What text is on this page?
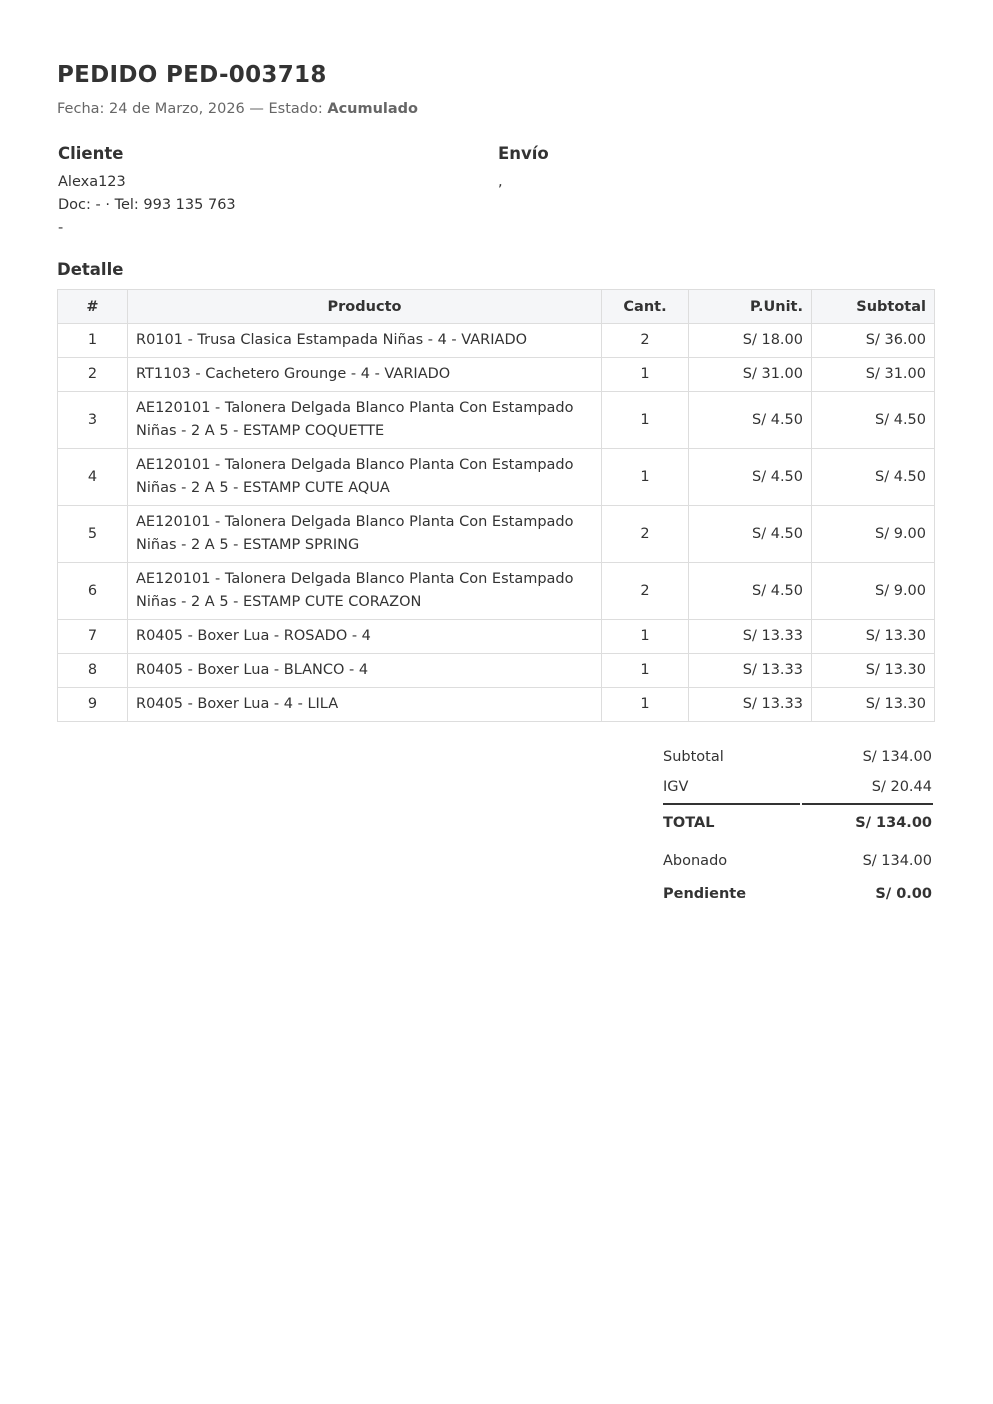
PEDIDO PED-003718
Fecha: 24 de Marzo, 2026 — Estado: Acumulado
Cliente
Alexa123
Doc: - · Tel: 993 135 763
-
Envío
,
Detalle
#	Producto	Cant.	P.Unit.	Subtotal
1	R0101 - Trusa Clasica Estampada Niñas - 4 - VARIADO	2	S/ 18.00	S/ 36.00
2	RT1103 - Cachetero Grounge - 4 - VARIADO	1	S/ 31.00	S/ 31.00
3	AE120101 - Talonera Delgada Blanco Planta Con Estampado
Niñas - 2 A 5 - ESTAMP COQUETTE	1	S/ 4.50	S/ 4.50
4	AE120101 - Talonera Delgada Blanco Planta Con Estampado
Niñas - 2 A 5 - ESTAMP CUTE AQUA	1	S/ 4.50	S/ 4.50
5	AE120101 - Talonera Delgada Blanco Planta Con Estampado
Niñas - 2 A 5 - ESTAMP SPRING	2	S/ 4.50	S/ 9.00
6	AE120101 - Talonera Delgada Blanco Planta Con Estampado
Niñas - 2 A 5 - ESTAMP CUTE CORAZON	2	S/ 4.50	S/ 9.00
7	R0405 - Boxer Lua - ROSADO - 4	1	S/ 13.33	S/ 13.30
8	R0405 - Boxer Lua - BLANCO - 4	1	S/ 13.33	S/ 13.30
9	R0405 - Boxer Lua - 4 - LILA	1	S/ 13.33	S/ 13.30
Subtotal	S/ 134.00
IGV	S/ 20.44
TOTAL	S/ 134.00
Abonado	S/ 134.00
Pendiente	S/ 0.00
